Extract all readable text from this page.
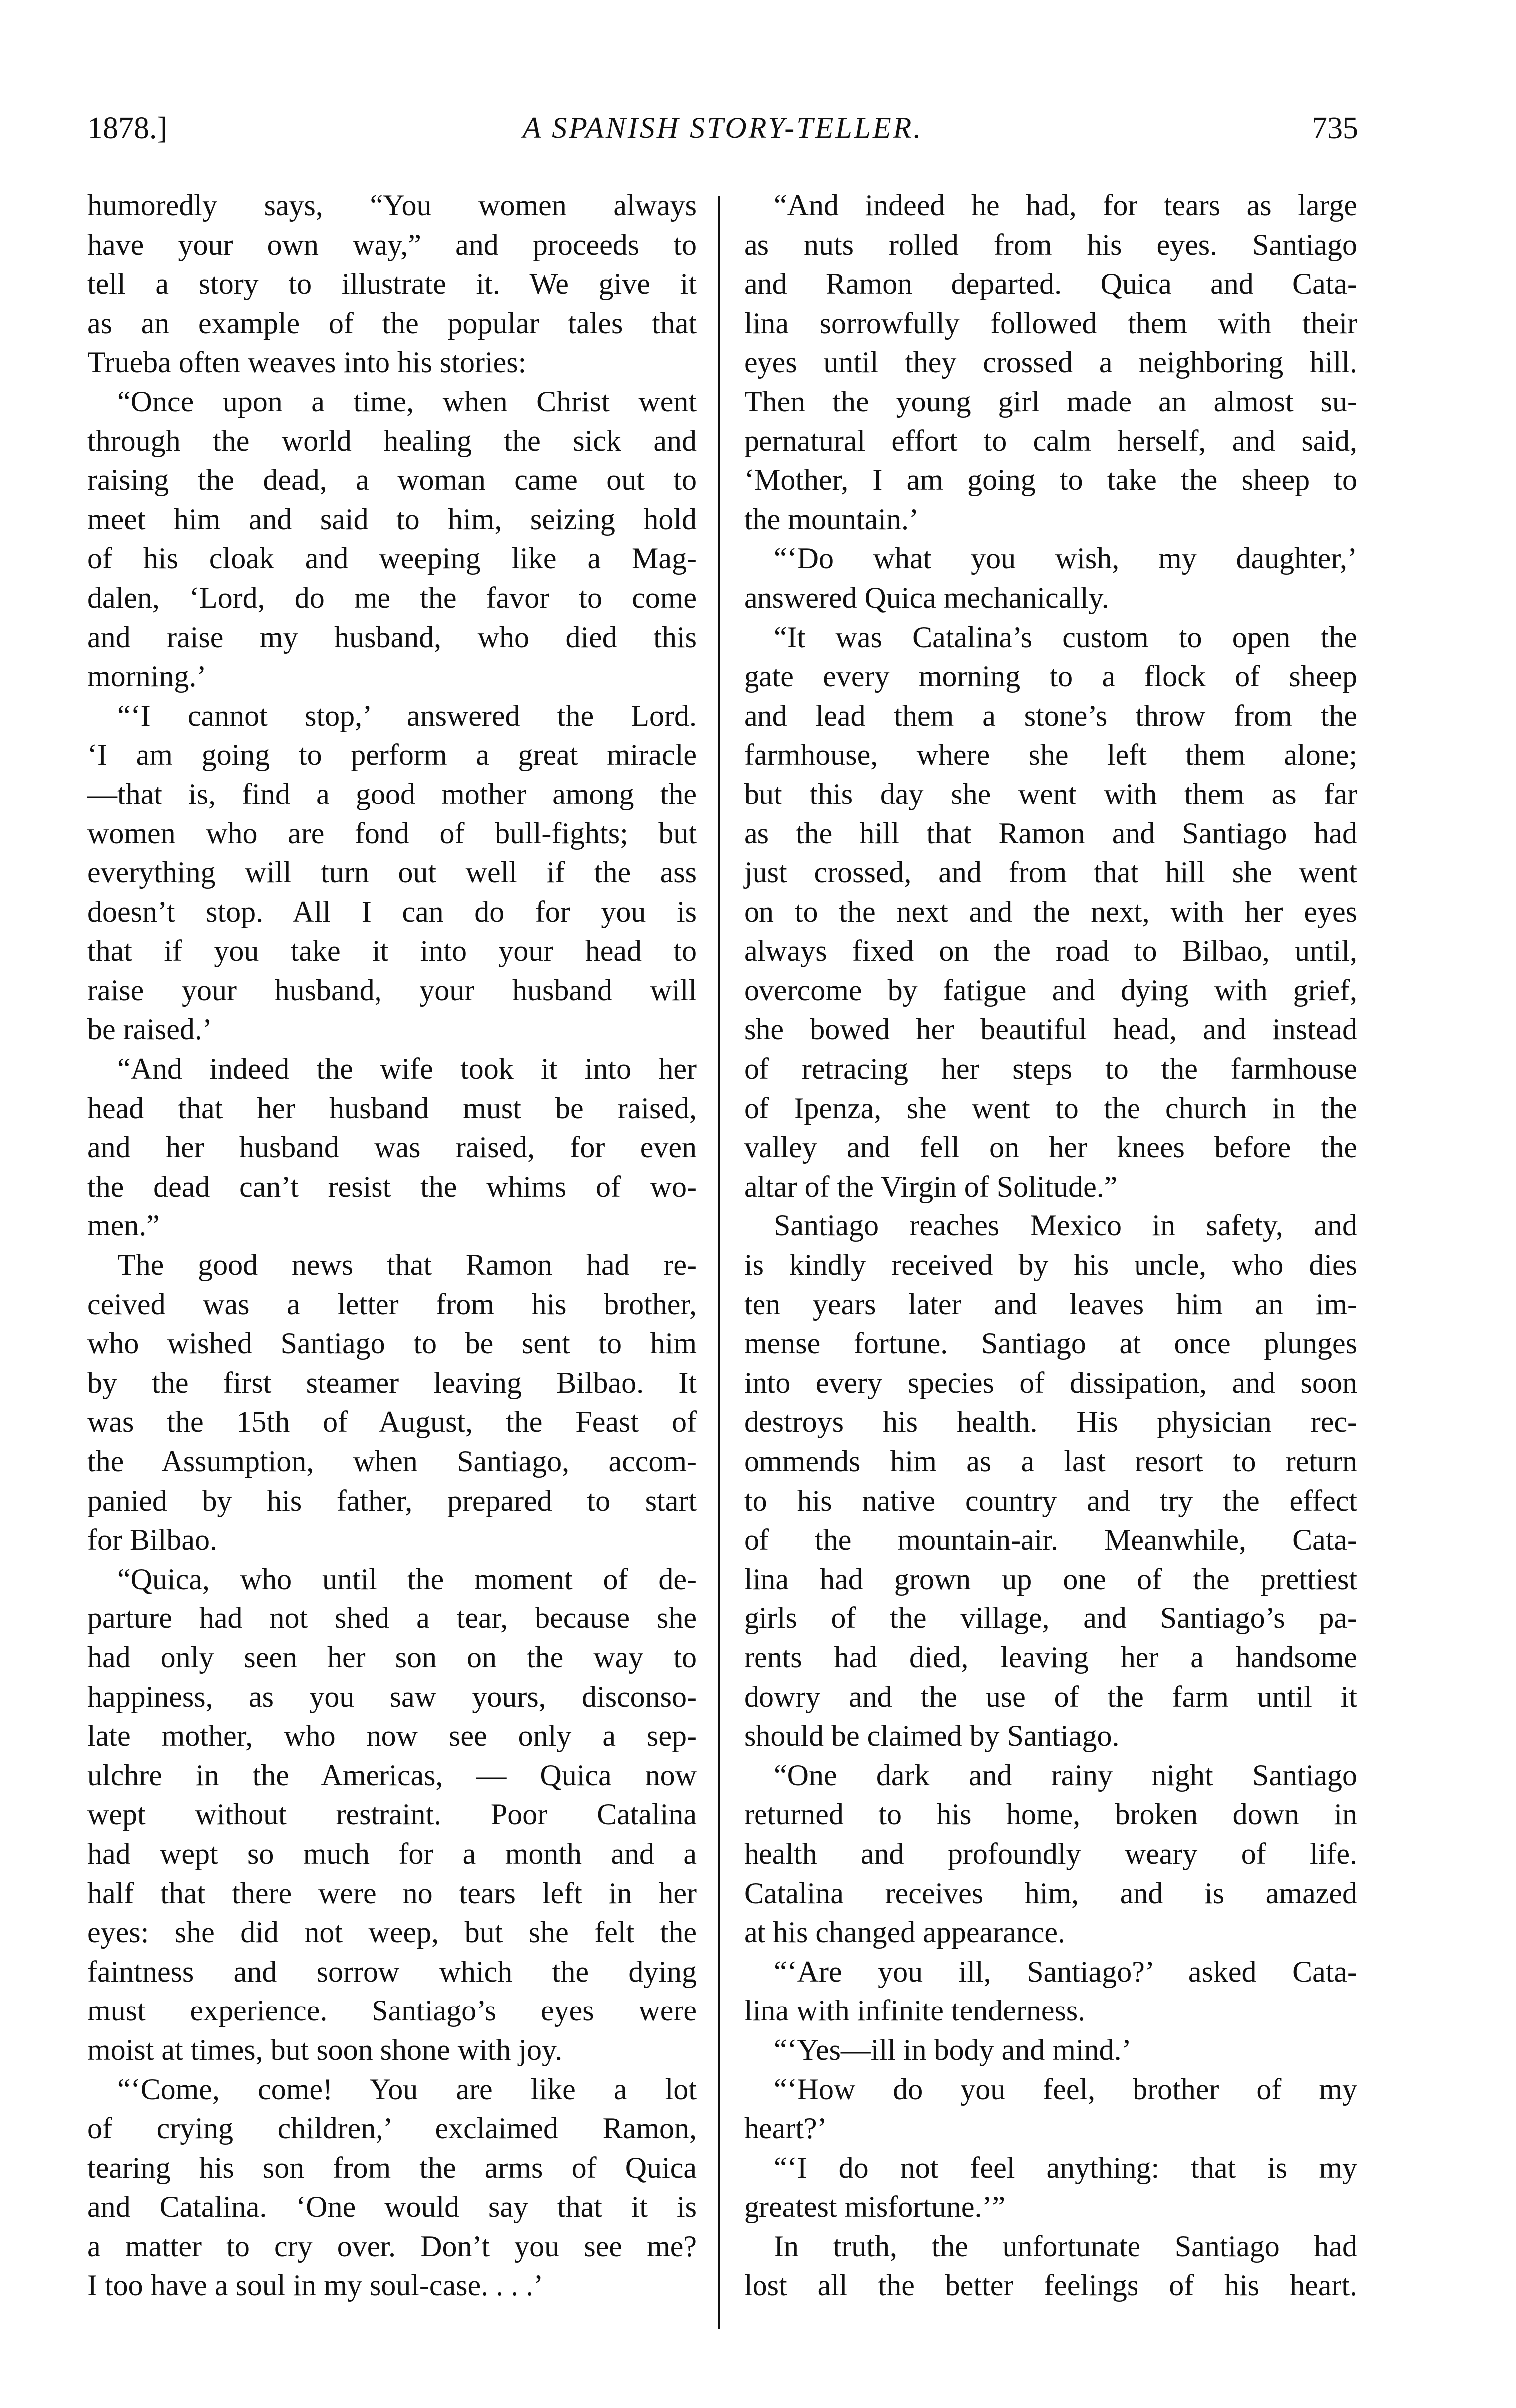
1878.]	A SPANISH STORY-TELLER.	735
humoredly says, “You women always
have your own way,” and proceeds to
tell a story to illustrate it. We give it
as an example of the popular tales that
Trueba often weaves into his stories:
“Once upon a time, when Christ went
through the world healing the sick and
raising the dead, a woman came out to
meet him and said to him, seizing hold
of his cloak and weeping like a Mag-
dalen, ‘Lord, do me the favor to come
and raise my husband, who died this
morning.’
“‘I cannot stop,’ answered the Lord.
‘I am going to perform a great miracle
—that is, find a good mother among the
women who are fond of bull-fights; but
everything will turn out well if the ass
doesn’t stop. All I can do for you is
that if you take it into your head to
raise your husband, your husband will
be raised.’
“And indeed the wife took it into her
head that her husband must be raised,
and her husband was raised, for even
the dead can’t resist the whims of wo-
men.”
The good news that Ramon had re-
ceived was a letter from his brother,
who wished Santiago to be sent to him
by the first steamer leaving Bilbao. It
was the 15th of August, the Feast of
the Assumption, when Santiago, accom-
panied by his father, prepared to start
for Bilbao.
“Quica, who until the moment of de-
parture had not shed a tear, because she
had only seen her son on the way to
happiness, as you saw yours, disconso-
late mother, who now see only a sep-
ulchre in the Americas, — Quica now
wept without restraint. Poor Catalina
had wept so much for a month and a
half that there were no tears left in her
eyes: she did not weep, but she felt the
faintness and sorrow which the dying
must experience. Santiago’s eyes were
moist at times, but soon shone with joy.
“‘Come, come! You are like a lot
of crying children,’ exclaimed Ramon,
tearing his son from the arms of Quica
and Catalina. ‘One would say that it is
a matter to cry over. Don’t you see me?
I too have a soul in my soul-case. . . .’
“And indeed he had, for tears as large
as nuts rolled from his eyes. Santiago
and Ramon departed. Quica and Cata-
lina sorrowfully followed them with their
eyes until they crossed a neighboring hill.
Then the young girl made an almost su-
pernatural effort to calm herself, and said,
‘Mother, I am going to take the sheep to
the mountain.’
“‘Do what you wish, my daughter,’
answered Quica mechanically.
“It was Catalina’s custom to open the
gate every morning to a flock of sheep
and lead them a stone’s throw from the
farmhouse, where she left them alone;
but this day she went with them as far
as the hill that Ramon and Santiago had
just crossed, and from that hill she went
on to the next and the next, with her eyes
always fixed on the road to Bilbao, until,
overcome by fatigue and dying with grief,
she bowed her beautiful head, and instead
of retracing her steps to the farmhouse
of Ipenza, she went to the church in the
valley and fell on her knees before the
altar of the Virgin of Solitude.”
Santiago reaches Mexico in safety, and
is kindly received by his uncle, who dies
ten years later and leaves him an im-
mense fortune. Santiago at once plunges
into every species of dissipation, and soon
destroys his health. His physician rec-
ommends him as a last resort to return
to his native country and try the effect
of the mountain-air. Meanwhile, Cata-
lina had grown up one of the prettiest
girls of the village, and Santiago’s pa-
rents had died, leaving her a handsome
dowry and the use of the farm until it
should be claimed by Santiago.
“One dark and rainy night Santiago
returned to his home, broken down in
health and profoundly weary of life.
Catalina receives him, and is amazed
at his changed appearance.
“‘Are you ill, Santiago?’ asked Cata-
lina with infinite tenderness.
“‘Yes—ill in body and mind.’
“‘How do you feel, brother of my
heart?’
“‘I do not feel anything: that is my
greatest misfortune.’”
In truth, the unfortunate Santiago had
lost all the better feelings of his heart.
